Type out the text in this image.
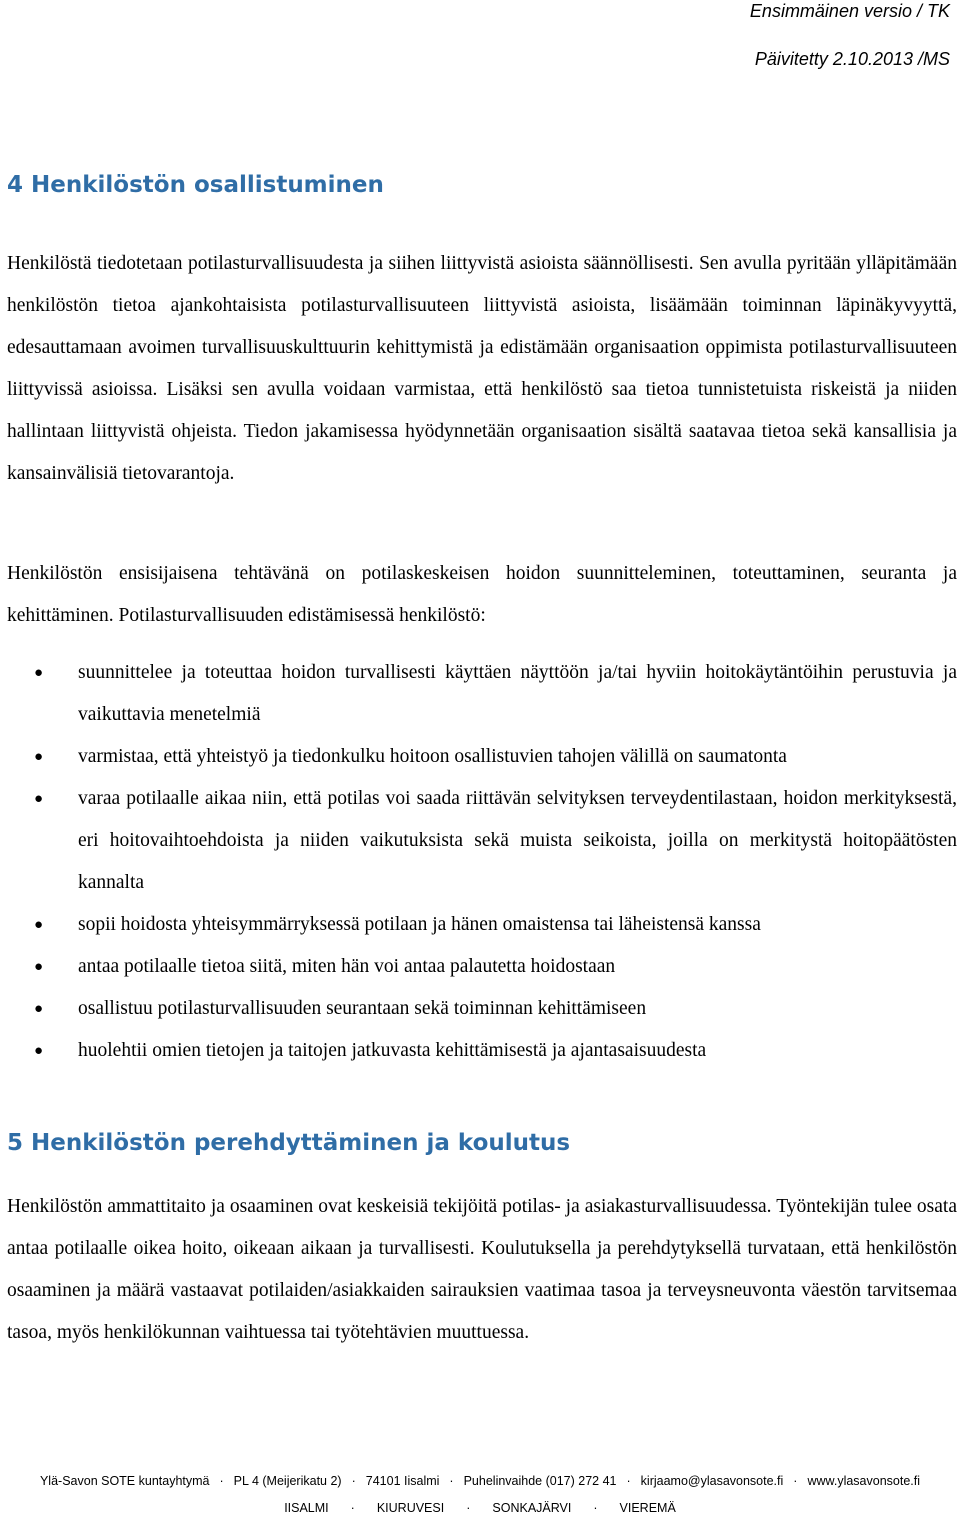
Ensimmäinen versio / TK
Päivitetty 2.10.2013 /MS
4 Henkilöstön osallistuminen

Henkilöstä tiedotetaan potilasturvallisuudesta ja siihen liittyvistä asioista säännöllisesti. Sen avulla pyritään ylläpitämään henkilöstön tietoa ajankohtaisista potilasturvallisuuteen liittyvistä asioista, lisäämään toiminnan läpinäkyvyyttä, edesauttamaan avoimen turvallisuuskulttuurin kehittymistä ja edistämään organisaation oppimista potilasturvallisuuteen liittyvissä asioissa. Lisäksi sen avulla voidaan varmistaa, että henkilöstö saa tietoa tunnistetuista riskeistä ja niiden hallintaan liittyvistä ohjeista. Tiedon jakamisessa hyödynnetään organisaation sisältä saatavaa tietoa sekä kansallisia ja kansainvälisiä tietovarantoja.

Henkilöstön ensisijaisena tehtävänä on potilaskeskeisen hoidon suunnitteleminen, toteuttaminen, seuranta ja kehittäminen. Potilasturvallisuuden edistämisessä henkilöstö:

● suunnittelee ja toteuttaa hoidon turvallisesti käyttäen näyttöön ja/tai hyviin hoitokäytäntöihin perustuvia ja vaikuttavia menetelmiä
● varmistaa, että yhteistyö ja tiedonkulku hoitoon osallistuvien tahojen välillä on saumatonta
● varaa potilaalle aikaa niin, että potilas voi saada riittävän selvityksen terveydentilastaan, hoidon merkityksestä, eri hoitovaihtoehdoista ja niiden vaikutuksista sekä muista seikoista, joilla on merkitystä hoitopäätösten kannalta
● sopii hoidosta yhteisymmärryksessä potilaan ja hänen omaistensa tai läheistensä kanssa
● antaa potilaalle tietoa siitä, miten hän voi antaa palautetta hoidostaan
● osallistuu potilasturvallisuuden seurantaan sekä toiminnan kehittämiseen
● huolehtii omien tietojen ja taitojen jatkuvasta kehittämisestä ja ajantasaisuudesta
5 Henkilöstön perehdyttäminen ja koulutus

Henkilöstön ammattitaito ja osaaminen ovat keskeisiä tekijöitä potilas- ja asiakasturvallisuudessa. Työntekijän tulee osata antaa potilaalle oikea hoito, oikeaan aikaan ja turvallisesti. Koulutuksella ja perehdytyksellä turvataan, että henkilöstön osaaminen ja määrä vastaavat potilaiden/asiakkaiden sairauksien vaatimaa tasoa ja terveysneuvonta väestön tarvitsemaa tasoa, myös henkilökunnan vaihtuessa tai työtehtävien muuttuessa.

Ylä-Savon SOTE kuntayhtymä · PL 4 (Meijerikatu 2) · 74101 Iisalmi · Puhelinvaihde (017) 272 41 · kirjaamo@ylasavonsote.fi · www.ylasavonsote.fi
IISALMI · KIURUVESI · SONKAJÄRVI · VIEREMÄ
